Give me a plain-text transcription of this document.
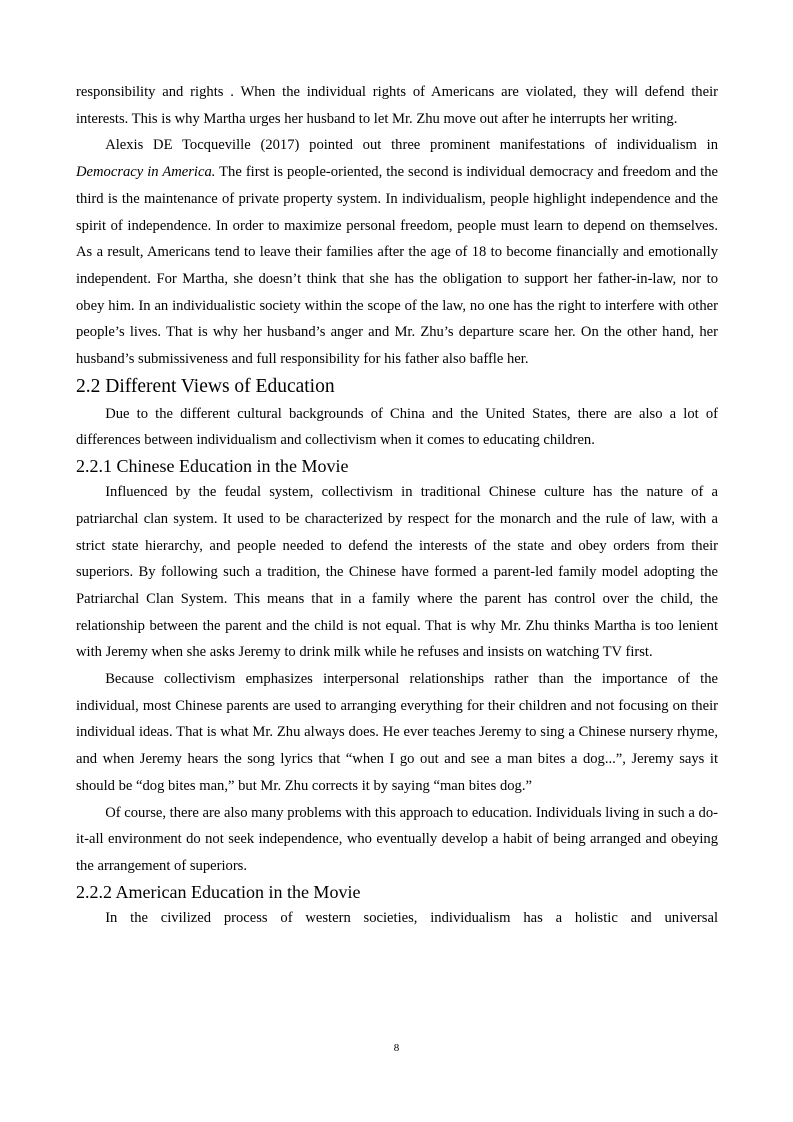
responsibility and rights . When the individual rights of Americans are violated, they will defend their interests. This is why Martha urges her husband to let Mr. Zhu move out after he interrupts her writing.

Alexis DE Tocqueville (2017) pointed out three prominent manifestations of individualism in Democracy in America. The first is people-oriented, the second is individual democracy and freedom and the third is the maintenance of private property system. In individualism, people highlight independence and the spirit of independence. In order to maximize personal freedom, people must learn to depend on themselves. As a result, Americans tend to leave their families after the age of 18 to become financially and emotionally independent. For Martha, she doesn’t think that she has the obligation to support her father-in-law, nor to obey him. In an individualistic society within the scope of the law, no one has the right to interfere with other people’s lives. That is why her husband’s anger and Mr. Zhu’s departure scare her. On the other hand, her husband’s submissiveness and full responsibility for his father also baffle her.

2.2 Different Views of Education

Due to the different cultural backgrounds of China and the United States, there are also a lot of differences between individualism and collectivism when it comes to educating children.

2.2.1 Chinese Education in the Movie

Influenced by the feudal system, collectivism in traditional Chinese culture has the nature of a patriarchal clan system. It used to be characterized by respect for the monarch and the rule of law, with a strict state hierarchy, and people needed to defend the interests of the state and obey orders from their superiors. By following such a tradition, the Chinese have formed a parent-led family model adopting the Patriarchal Clan System. This means that in a family where the parent has control over the child, the relationship between the parent and the child is not equal. That is why Mr. Zhu thinks Martha is too lenient with Jeremy when she asks Jeremy to drink milk while he refuses and insists on watching TV first.

Because collectivism emphasizes interpersonal relationships rather than the importance of the individual, most Chinese parents are used to arranging everything for their children and not focusing on their individual ideas. That is what Mr. Zhu always does. He ever teaches Jeremy to sing a Chinese nursery rhyme, and when Jeremy hears the song lyrics that “when I go out and see a man bites a dog...”, Jeremy says it should be “dog bites man,” but Mr. Zhu corrects it by saying “man bites dog.”

Of course, there are also many problems with this approach to education. Individuals living in such a do-it-all environment do not seek independence, who eventually develop a habit of being arranged and obeying the arrangement of superiors.

2.2.2 American Education in the Movie

In the civilized process of western societies, individualism has a holistic and universal

8
